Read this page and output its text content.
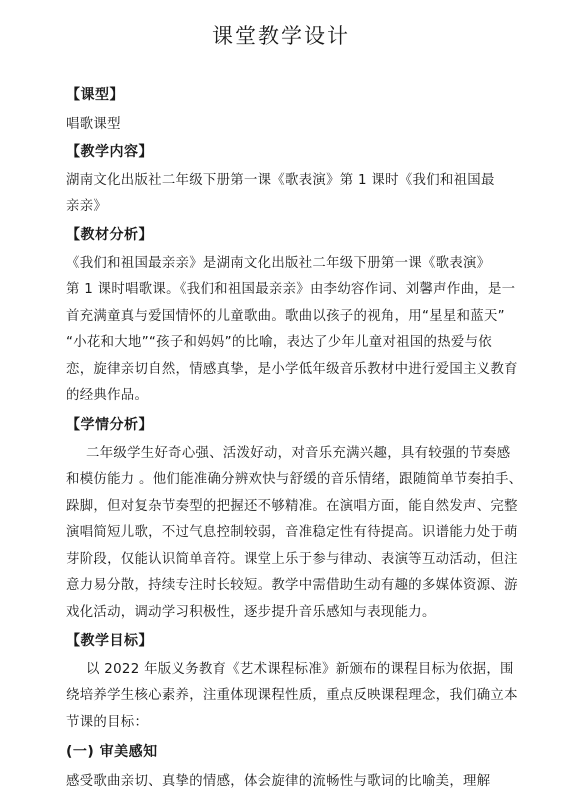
课堂教学设计
【课型】
唱歌课型
【教学内容】
湖南文化出版社二年级下册第一课《歌表演》第 1 课时《我们和祖国最
亲亲》
【教材分析】
《我们和祖国最亲亲》是湖南文化出版社二年级下册第一课《歌表演》
第 1 课时唱歌课。《我们和祖国最亲亲》由李幼容作词、刘馨声作曲，是一
首充满童真与爱国情怀的儿童歌曲。歌曲以孩子的视角，用“星星和蓝天”
“小花和大地”“孩子和妈妈”的比喻，表达了少年儿童对祖国的热爱与依
恋，旋律亲切自然，情感真挚，是小学低年级音乐教材中进行爱国主义教育
的经典作品。
【学情分析】
二年级学生好奇心强、活泼好动，对音乐充满兴趣，具有较强的节奏感
和模仿能力 。他们能准确分辨欢快与舒缓的音乐情绪，跟随简单节奏拍手、
跺脚，但对复杂节奏型的把握还不够精准。在演唱方面，能自然发声、完整
演唱简短儿歌，不过气息控制较弱，音准稳定性有待提高。识谱能力处于萌
芽阶段，仅能认识简单音符。课堂上乐于参与律动、表演等互动活动，但注
意力易分散，持续专注时长较短。教学中需借助生动有趣的多媒体资源、游
戏化活动，调动学习积极性，逐步提升音乐感知与表现能力。
【教学目标】
以 2022 年版义务教育《艺术课程标准》新颁布的课程目标为依据，围
绕培养学生核心素养，注重体现课程性质，重点反映课程理念，我们确立本
节课的目标：
(一) 审美感知
感受歌曲亲切、真挚的情感，体会旋律的流畅性与歌词的比喻美，理解
